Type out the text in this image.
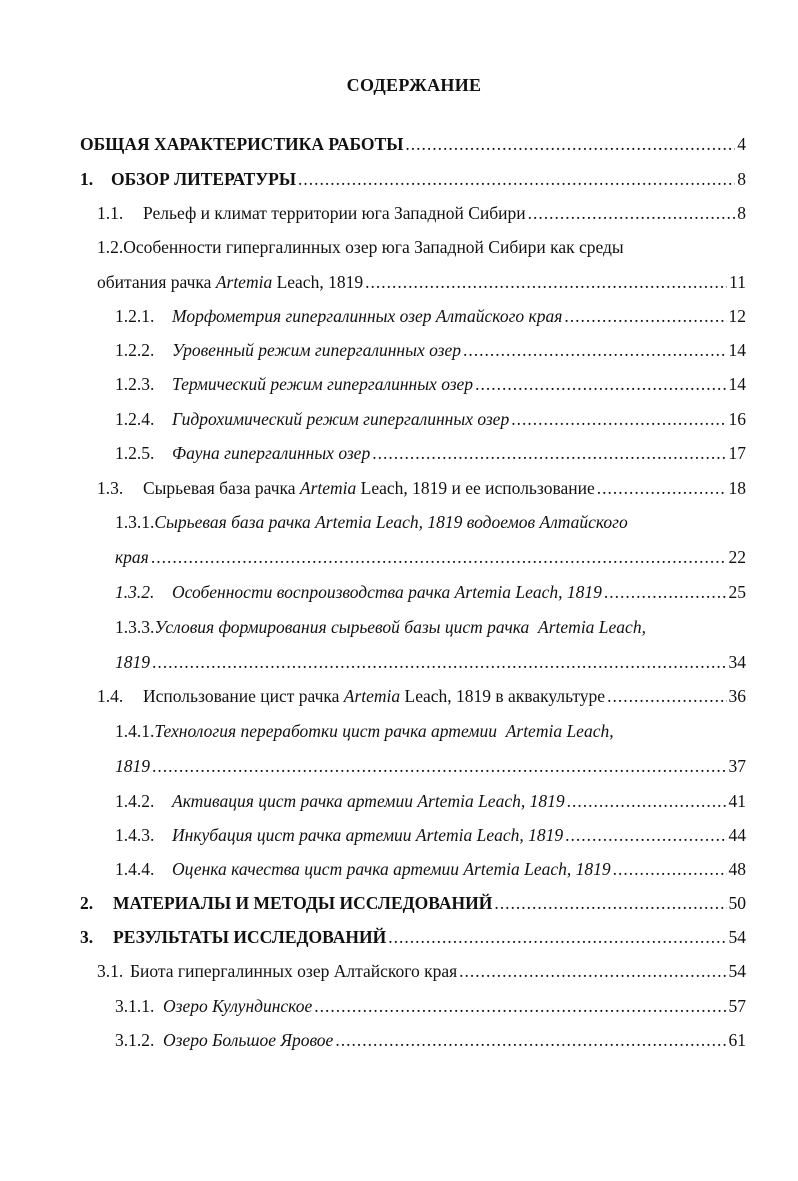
СОДЕРЖАНИЕ
ОБЩАЯ ХАРАКТЕРИСТИКА РАБОТЫ .....	4
1. ОБЗОР ЛИТЕРАТУРЫ .....	8
1.1. Рельеф и климат территории юга Западной Сибири .....	8
1.2.Особенности гипергалинных озер юга Западной Сибири как среды
обитания рачка Artemia Leach, 1819 .....	11
1.2.1. Морфометрия гипергалинных озер Алтайского края .....	12
1.2.2. Уровенный режим гипергалинных озер .....	14
1.2.3. Термический режим гипергалинных озер .....	14
1.2.4. Гидрохимический режим гипергалинных озер .....	16
1.2.5. Фауна гипергалинных озер .....	17
1.3. Сырьевая база рачка Artemia Leach, 1819 и ее использование .....	18
1.3.1.Сырьевая база рачка Artemia Leach, 1819 водоемов Алтайского
края .....	22
1.3.2. Особенности воспроизводства рачка Artemia Leach, 1819 .....	25
1.3.3.Условия формирования сырьевой базы цист рачка  Artemia Leach,
1819 .....	34
1.4. Использование цист рачка Artemia Leach, 1819 в аквакультуре .....	36
1.4.1.Технология переработки цист рачка артемии  Artemia Leach,
1819 .....	37
1.4.2. Активация цист рачка артемии Artemia Leach, 1819 .....	41
1.4.3. Инкубация цист рачка артемии Artemia Leach, 1819 .....	44
1.4.4. Оценка качества цист рачка артемии Artemia Leach, 1819 .....	48
2. МАТЕРИАЛЫ И МЕТОДЫ ИССЛЕДОВАНИЙ .....	50
3. РЕЗУЛЬТАТЫ ИССЛЕДОВАНИЙ .....	54
3.1. Биота гипергалинных озер Алтайского края .....	54
3.1.1. Озеро Кулундинское .....	57
3.1.2. Озеро Большое Яровое .....	61
